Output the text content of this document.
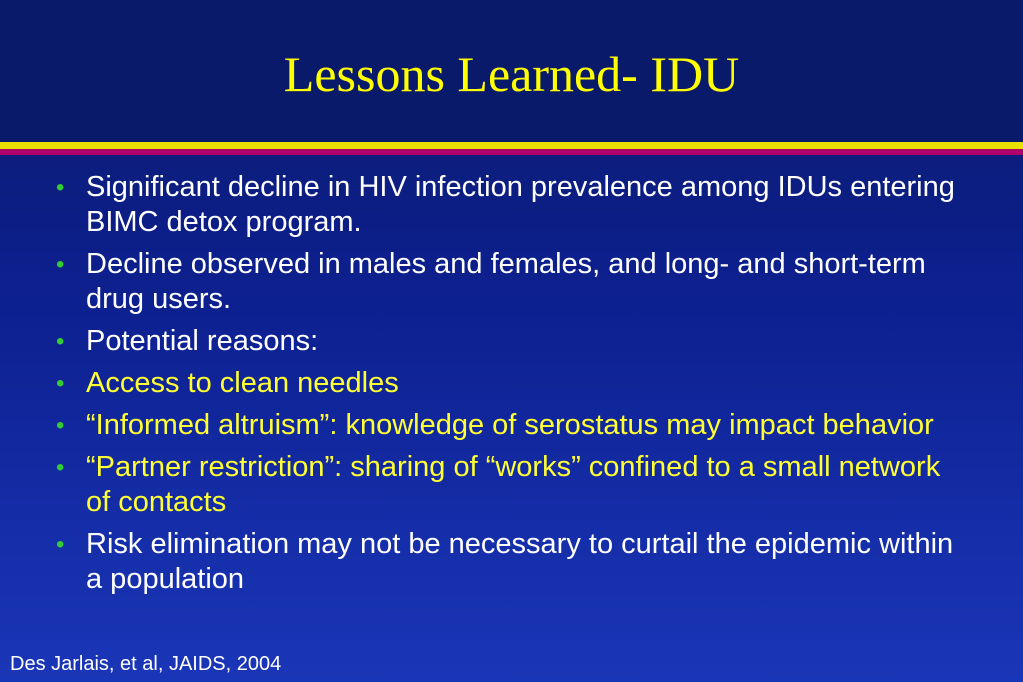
Lessons Learned- IDU
• Significant decline in HIV infection prevalence among IDUs entering BIMC detox program.
• Decline observed in males and females, and long- and short-term drug users.
• Potential reasons:
• Access to clean needles
• “Informed altruism”: knowledge of serostatus may impact behavior
• “Partner restriction”: sharing of “works” confined to a small network of contacts
• Risk elimination may not be necessary to curtail the epidemic within a population
Des Jarlais, et al, JAIDS, 2004
